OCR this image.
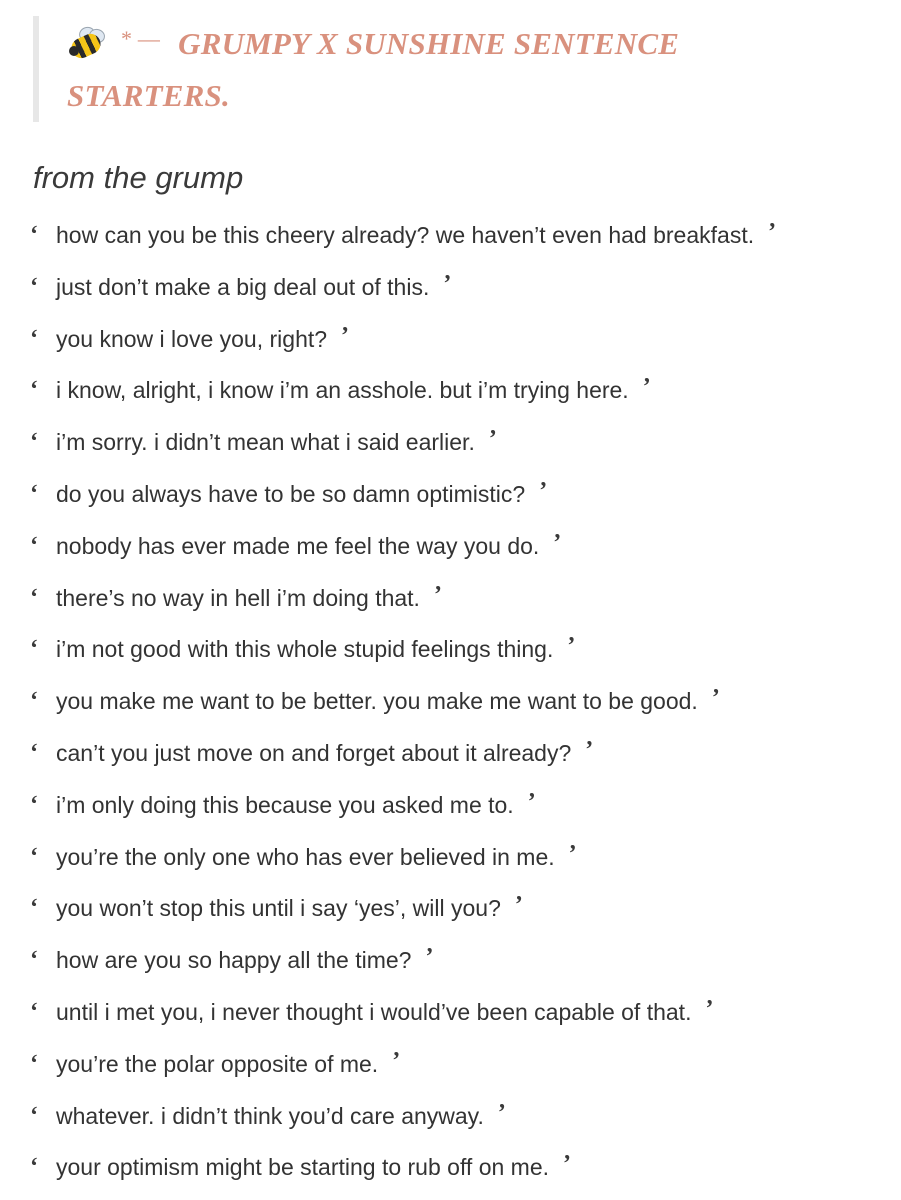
* — GRUMPY X SUNSHINE SENTENCE
STARTERS.
from the grump
‘ how can you be this cheery already? we haven’t even had breakfast. ’
‘ just don’t make a big deal out of this. ’
‘ you know i love you, right? ’
‘ i know, alright, i know i’m an asshole. but i’m trying here. ’
‘ i’m sorry. i didn’t mean what i said earlier. ’
‘ do you always have to be so damn optimistic? ’
‘ nobody has ever made me feel the way you do. ’
‘ there’s no way in hell i’m doing that. ’
‘ i’m not good with this whole stupid feelings thing. ’
‘ you make me want to be better. you make me want to be good. ’
‘ can’t you just move on and forget about it already? ’
‘ i’m only doing this because you asked me to. ’
‘ you’re the only one who has ever believed in me. ’
‘ you won’t stop this until i say ‘yes’, will you? ’
‘ how are you so happy all the time? ’
‘ until i met you, i never thought i would’ve been capable of that. ’
‘ you’re the polar opposite of me. ’
‘ whatever. i didn’t think you’d care anyway. ’
‘ your optimism might be starting to rub off on me. ’
